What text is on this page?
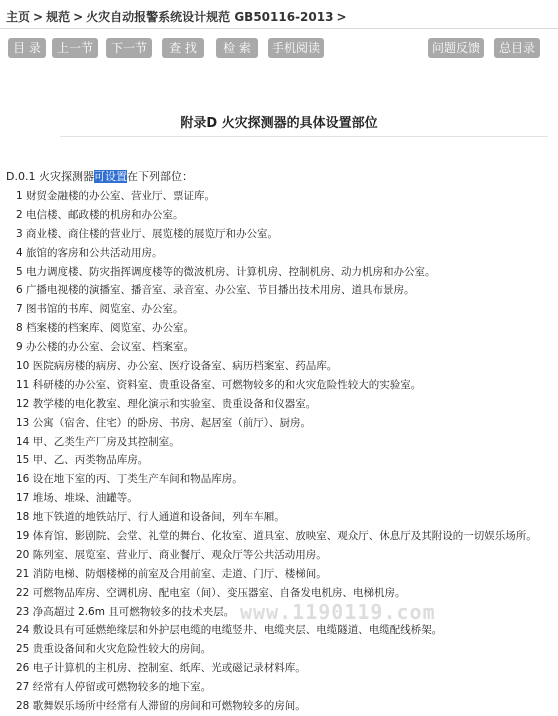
主页 > 规范 > 火灾自动报警系统设计规范 GB50116-2013 >
目 录	上一节	下一节	查 找	检 索	手机阅读	问题反馈	总目录
附录D 火灾探测器的具体设置部位
D.0.1 火灾探测器可设置在下列部位：
1 财贸金融楼的办公室、营业厅、票证库。
2 电信楼、邮政楼的机房和办公室。
3 商业楼、商住楼的营业厅、展览楼的展览厅和办公室。
4 旅馆的客房和公共活动用房。
5 电力调度楼、防灾指挥调度楼等的微波机房、计算机房、控制机房、动力机房和办公室。
6 广播电视楼的演播室、播音室、录音室、办公室、节目播出技术用房、道具布景房。
7 图书馆的书库、阅览室、办公室。
8 档案楼的档案库、阅览室、办公室。
9 办公楼的办公室、会议室、档案室。
10 医院病房楼的病房、办公室、医疗设备室、病历档案室、药品库。
11 科研楼的办公室、资料室、贵重设备室、可燃物较多的和火灾危险性较大的实验室。
12 教学楼的电化教室、理化演示和实验室、贵重设备和仪器室。
13 公寓（宿舍、住宅）的卧房、书房、起居室（前厅）、厨房。
14 甲、乙类生产厂房及其控制室。
15 甲、乙、丙类物品库房。
16 设在地下室的丙、丁类生产车间和物品库房。
17 堆场、堆垛、油罐等。
18 地下铁道的地铁站厅、行人通道和设备间，列车车厢。
19 体育馆、影剧院、会堂、礼堂的舞台、化妆室、道具室、放映室、观众厅、休息厅及其附设的一切娱乐场所。
20 陈列室、展览室、营业厅、商业餐厅、观众厅等公共活动用房。
21 消防电梯、防烟楼梯的前室及合用前室、走道、门厅、楼梯间。
22 可燃物品库房、空调机房、配电室（间）、变压器室、自备发电机房、电梯机房。
23 净高超过 2.6m 且可燃物较多的技术夹层。
24 敷设具有可延燃绝缘层和外护层电缆的电缆竖井、电缆夹层、电缆隧道、电缆配线桥架。
25 贵重设备间和火灾危险性较大的房间。
26 电子计算机的主机房、控制室、纸库、光或磁记录材料库。
27 经常有人停留或可燃物较多的地下室。
28 歌舞娱乐场所中经常有人滞留的房间和可燃物较多的房间。
www.1190119.com
